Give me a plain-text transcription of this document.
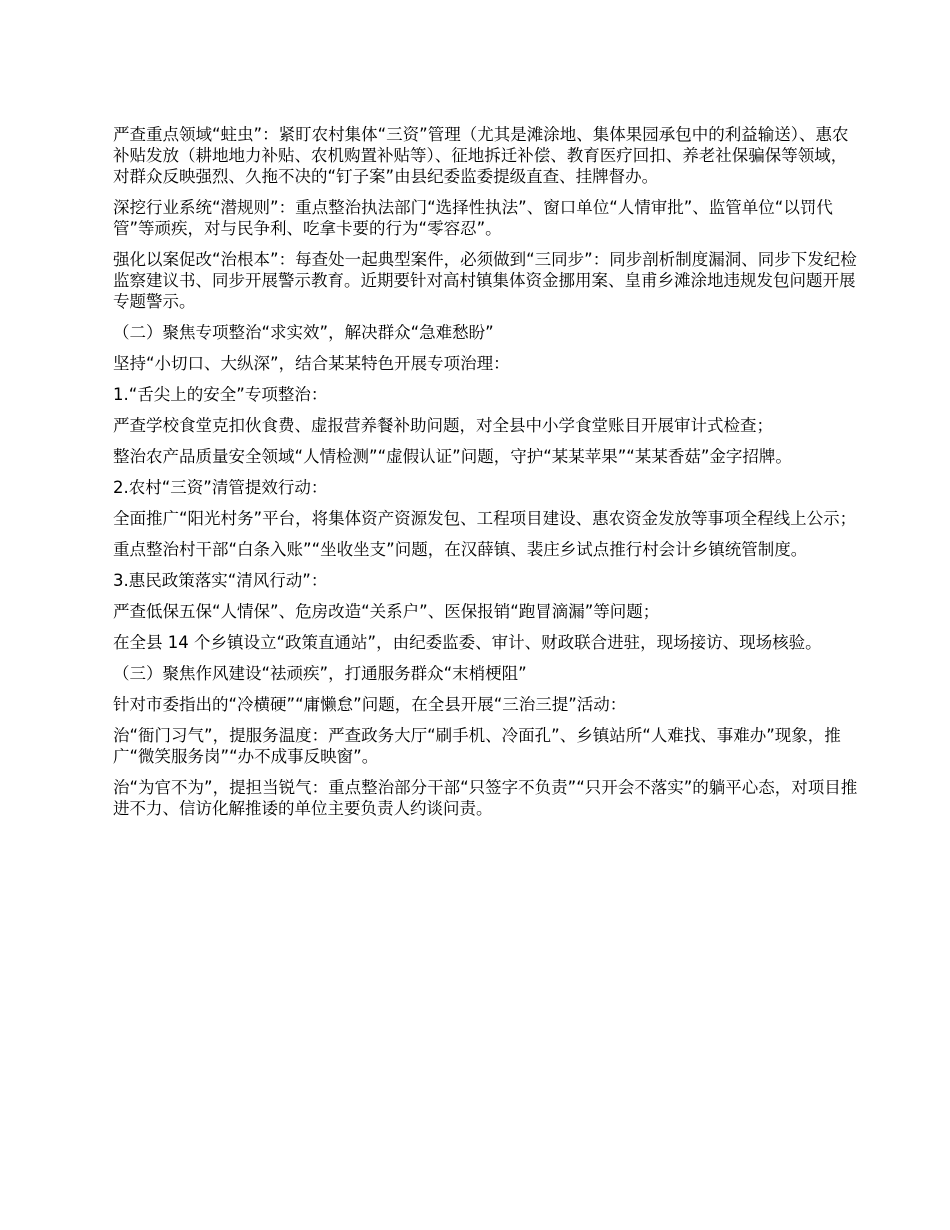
严查重点领域“蛀虫”：紧盯农村集体“三资”管理（尤其是滩涂地、集体果园承包中的利益输送）、惠农补贴发放（耕地地力补贴、农机购置补贴等）、征地拆迁补偿、教育医疗回扣、养老社保骗保等领域，对群众反映强烈、久拖不决的“钉子案”由县纪委监委提级直查、挂牌督办。

深挖行业系统“潜规则”：重点整治执法部门“选择性执法”、窗口单位“人情审批”、监管单位“以罚代管”等顽疾，对与民争利、吃拿卡要的行为“零容忍”。

强化以案促改“治根本”：每查处一起典型案件，必须做到“三同步”：同步剖析制度漏洞、同步下发纪检监察建议书、同步开展警示教育。近期要针对高村镇集体资金挪用案、皇甫乡滩涂地违规发包问题开展专题警示。

（二）聚焦专项整治“求实效”，解决群众“急难愁盼”

坚持“小切口、大纵深”，结合某某特色开展专项治理：

1.“舌尖上的安全”专项整治：

严查学校食堂克扣伙食费、虚报营养餐补助问题，对全县中小学食堂账目开展审计式检查；

整治农产品质量安全领域“人情检测”“虚假认证”问题，守护“某某苹果”“某某香菇”金字招牌。

2.农村“三资”清管提效行动：

全面推广“阳光村务”平台，将集体资产资源发包、工程项目建设、惠农资金发放等事项全程线上公示；

重点整治村干部“白条入账”“坐收坐支”问题，在汉薛镇、裴庄乡试点推行村会计乡镇统管制度。

3.惠民政策落实“清风行动”：

严查低保五保“人情保”、危房改造“关系户”、医保报销“跑冒滴漏”等问题；

在全县 14 个乡镇设立“政策直通站”，由纪委监委、审计、财政联合进驻，现场接访、现场核验。

（三）聚焦作风建设“祛顽疾”，打通服务群众“末梢梗阻”

针对市委指出的“冷横硬”“庸懒怠”问题，在全县开展“三治三提”活动：

治“衙门习气”，提服务温度：严查政务大厅“刷手机、冷面孔”、乡镇站所“人难找、事难办”现象，推广“微笑服务岗”“办不成事反映窗”。

治“为官不为”，提担当锐气：重点整治部分干部“只签字不负责”“只开会不落实”的躺平心态，对项目推进不力、信访化解推诿的单位主要负责人约谈问责。
